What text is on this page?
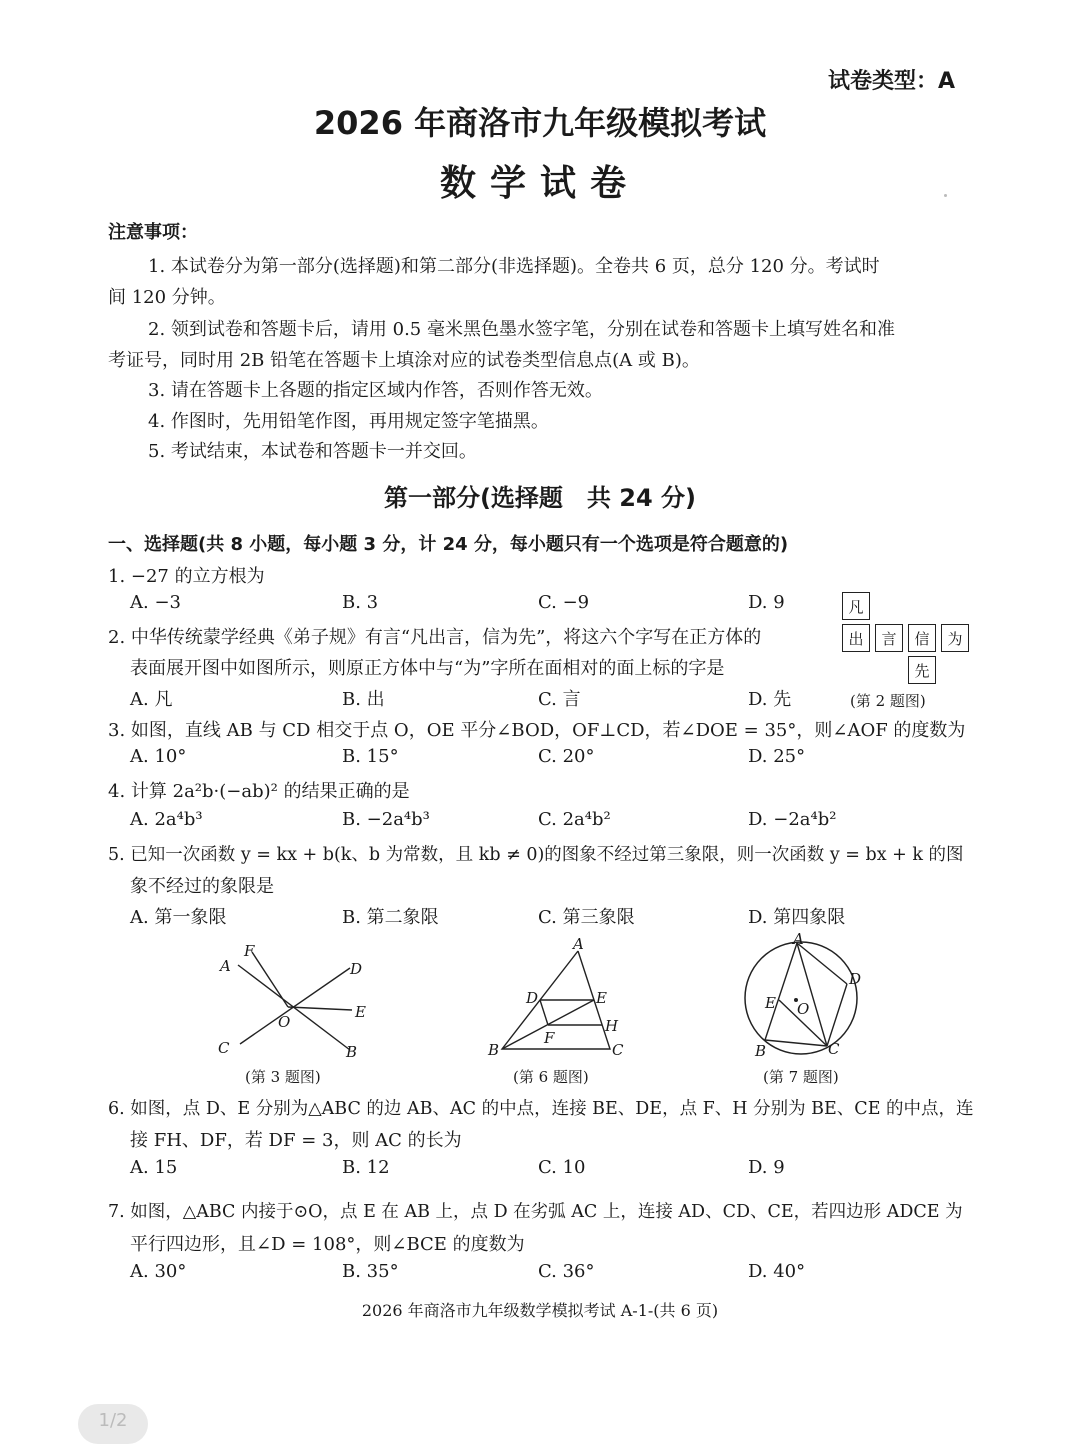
试卷类型：A
2026 年商洛市九年级模拟考试
数学试卷
注意事项：
1. 本试卷分为第一部分(选择题)和第二部分(非选择题)。全卷共 6 页，总分 120 分。考试时
间 120 分钟。
2. 领到试卷和答题卡后，请用 0.5 毫米黑色墨水签字笔，分别在试卷和答题卡上填写姓名和准
考证号，同时用 2B 铅笔在答题卡上填涂对应的试卷类型信息点(A 或 B)。
3. 请在答题卡上各题的指定区域内作答，否则作答无效。
4. 作图时，先用铅笔作图，再用规定签字笔描黑。
5. 考试结束，本试卷和答题卡一并交回。
第一部分(选择题　共 24 分)
一、选择题(共 8 小题，每小题 3 分，计 24 分，每小题只有一个选项是符合题意的)
1. −27 的立方根为
A. −3	B. 3	C. −9	D. 9
2. 中华传统蒙学经典《弟子规》有言“凡出言，信为先”，将这六个字写在正方体的
表面展开图中如图所示，则原正方体中与“为”字所在面相对的面上标的字是
A. 凡	B. 出	C. 言	D. 先
凡
出	言	信	为
先
(第 2 题图)
3. 如图，直线 AB 与 CD 相交于点 O，OE 平分∠BOD，OF⊥CD，若∠DOE = 35°，则∠AOF 的度数为
A. 10°	B. 15°	C. 20°	D. 25°
4. 计算 2a²b·(−ab)² 的结果正确的是
A. 2a⁴b³	B. −2a⁴b³	C. 2a⁴b²	D. −2a⁴b²
5. 已知一次函数 y = kx + b(k、b 为常数，且 kb ≠ 0)的图象不经过第三象限，则一次函数 y = bx + k 的图
象不经过的象限是
A. 第一象限	B. 第二象限	C. 第三象限	D. 第四象限
F
A	D
E
O
C	B
(第 3 题图)
A
D	E
H
F
B	C
(第 6 题图)
A
D
E O
B	C
(第 7 题图)
6. 如图，点 D、E 分别为△ABC 的边 AB、AC 的中点，连接 BE、DE，点 F、H 分别为 BE、CE 的中点，连
接 FH、DF，若 DF = 3，则 AC 的长为
A. 15	B. 12	C. 10	D. 9
7. 如图，△ABC 内接于⊙O，点 E 在 AB 上，点 D 在劣弧 AC 上，连接 AD、CD、CE，若四边形 ADCE 为
平行四边形，且∠D = 108°，则∠BCE 的度数为
A. 30°	B. 35°	C. 36°	D. 40°
2026 年商洛市九年级数学模拟考试 A-1-(共 6 页)
1/2
